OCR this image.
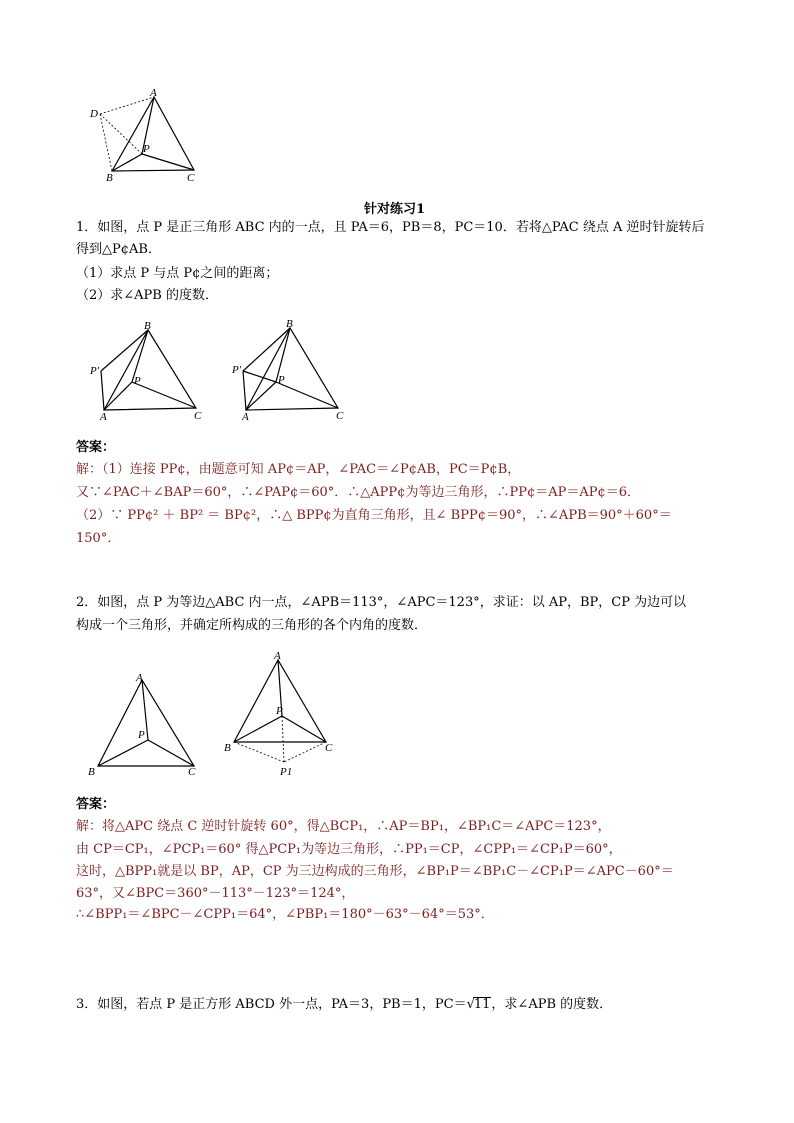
A
D
P
B	C
针对练习1
1．如图，点 P 是正三角形 ABC 内的一点，且 PA＝6，PB＝8，PC＝10．若将△PAC 绕点 A 逆时针旋转后
得到△P¢AB．
（1）求点 P 与点 P¢之间的距离；
（2）求∠APB 的度数．
B
P′
P
A	C
B
P′
P
A	C
答案：
解：（1）连接 PP¢，由题意可知 AP¢＝AP，∠PAC＝∠P¢AB，PC＝P¢B，
又∵∠PAC＋∠BAP＝60°，∴∠PAP¢＝60°．∴△APP¢为等边三角形，∴PP¢＝AP＝AP¢＝6．
（2）∵ PP¢² ＋ BP² ＝ BP¢²，∴△ BPP¢为直角三角形，且∠ BPP¢＝90°，∴∠APB＝90°＋60°＝
150°．
2．如图，点 P 为等边△ABC 内一点，∠APB＝113°，∠APC＝123°，求证：以 AP，BP，CP 为边可以
构成一个三角形，并确定所构成的三角形的各个内角的度数．
A
P
B	C
A
P
B	C
P1
答案：
解：将△APC 绕点 C 逆时针旋转 60°，得△BCP₁，∴AP＝BP₁，∠BP₁C＝∠APC＝123°，
由 CP＝CP₁，∠PCP₁＝60° 得△PCP₁为等边三角形，∴PP₁＝CP，∠CPP₁＝∠CP₁P＝60°，
这时，△BPP₁就是以 BP，AP，CP 为三边构成的三角形，∠BP₁P＝∠BP₁C－∠CP₁P＝∠APC－60°＝
63°，又∠BPC＝360°－113°－123°＝124°，
∴∠BPP₁＝∠BPC－∠CPP₁＝64°，∠PBP₁＝180°－63°－64°＝53°．
3．如图，若点 P 是正方形 ABCD 外一点，PA＝3，PB＝1，PC＝√11，求∠APB 的度数．
